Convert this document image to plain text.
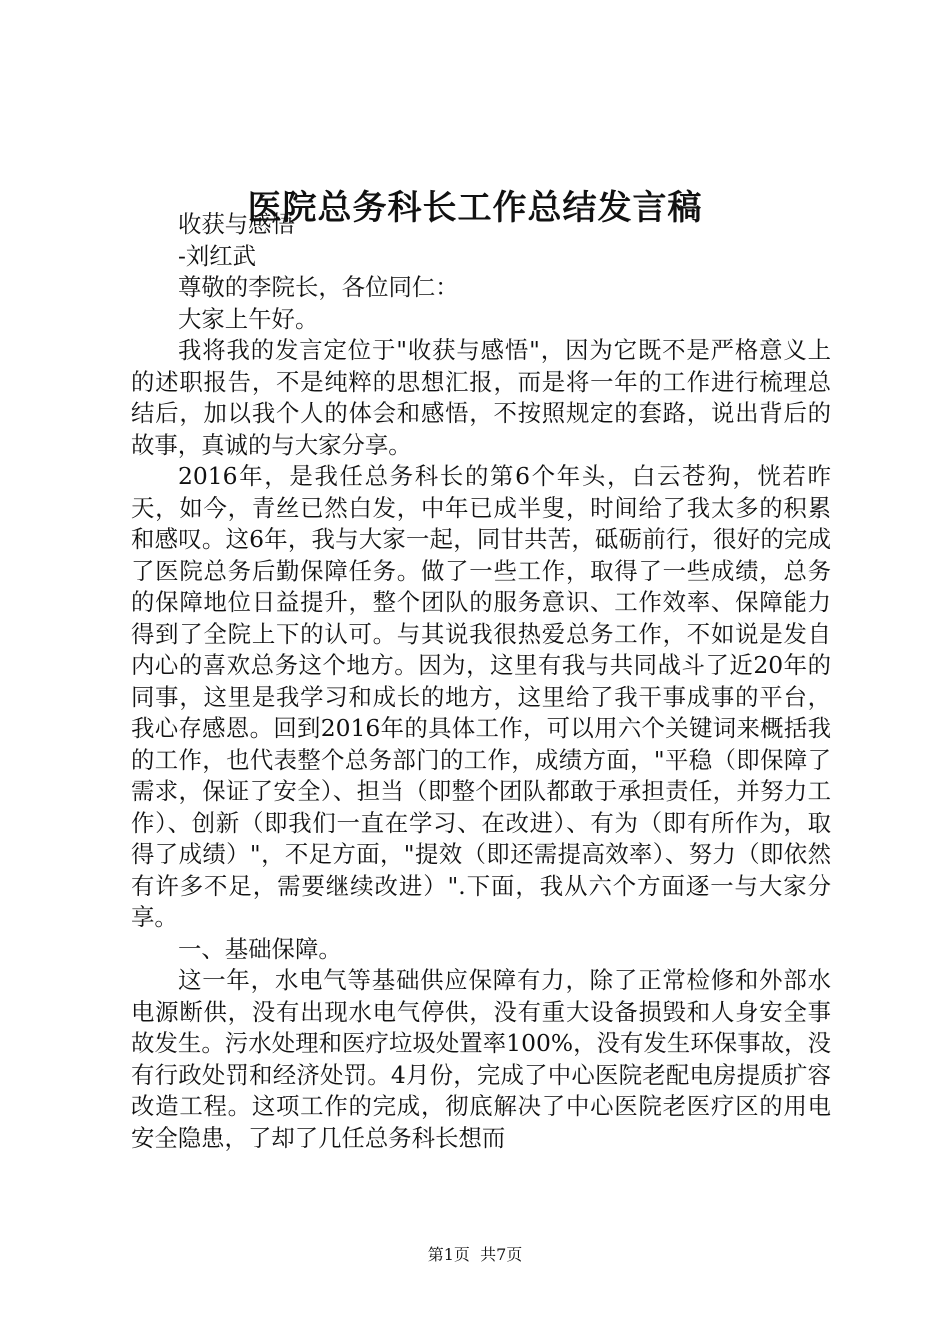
医院总务科长工作总结发言稿

收获与感悟

-刘红武

尊敬的李院长，各位同仁：

大家上午好。

我将我的发言定位于"收获与感悟"，因为它既不是严格意义上的述职报告，不是纯粹的思想汇报，而是将一年的工作进行梳理总结后，加以我个人的体会和感悟，不按照规定的套路，说出背后的故事，真诚的与大家分享。

2016年，是我任总务科长的第6个年头，白云苍狗，恍若昨天，如今，青丝已然白发，中年已成半叟，时间给了我太多的积累和感叹。这6年，我与大家一起，同甘共苦，砥砺前行，很好的完成了医院总务后勤保障任务。做了一些工作，取得了一些成绩，总务的保障地位日益提升，整个团队的服务意识、工作效率、保障能力得到了全院上下的认可。与其说我很热爱总务工作，不如说是发自内心的喜欢总务这个地方。因为，这里有我与共同战斗了近20年的同事，这里是我学习和成长的地方，这里给了我干事成事的平台，我心存感恩。回到2016年的具体工作，可以用六个关键词来概括我的工作，也代表整个总务部门的工作，成绩方面，"平稳（即保障了需求，保证了安全）、担当（即整个团队都敢于承担责任，并努力工作）、创新（即我们一直在学习、在改进）、有为（即有所作为，取得了成绩）"，不足方面，"提效（即还需提高效率）、努力（即依然有许多不足，需要继续改进）".下面，我从六个方面逐一与大家分享。

一、基础保障。

这一年，水电气等基础供应保障有力，除了正常检修和外部水电源断供，没有出现水电气停供，没有重大设备损毁和人身安全事故发生。污水处理和医疗垃圾处置率100%，没有发生环保事故，没有行政处罚和经济处罚。4月份，完成了中心医院老配电房提质扩容改造工程。这项工作的完成，彻底解决了中心医院老医疗区的用电安全隐患，了却了几任总务科长想而

第1页  共7页
